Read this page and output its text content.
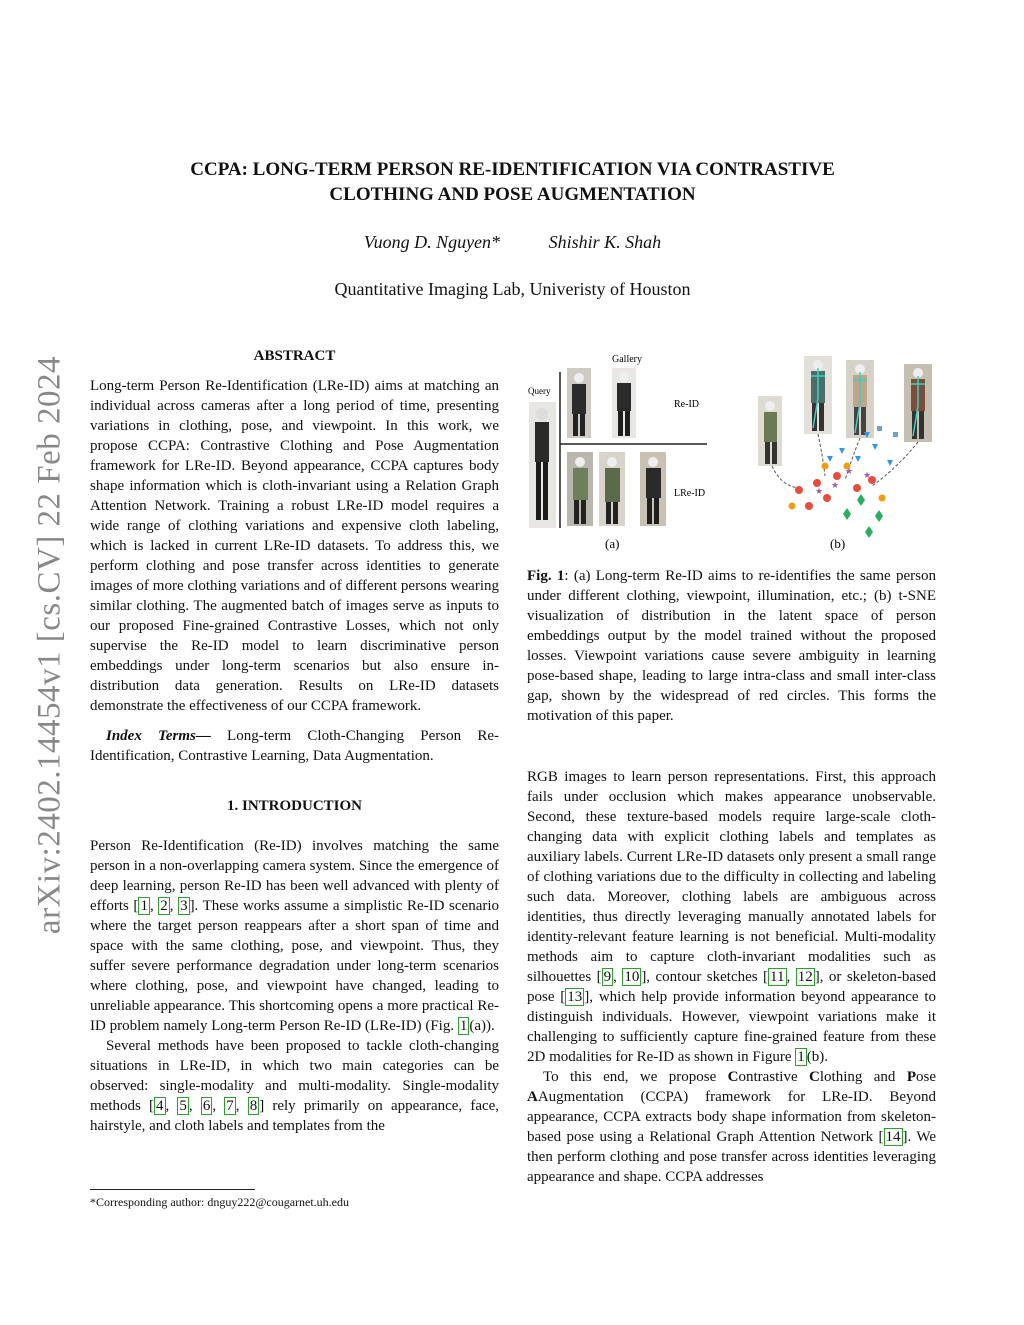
arXiv:2402.14454v1 [cs.CV] 22 Feb 2024
CCPA: LONG-TERM PERSON RE-IDENTIFICATION VIA CONTRASTIVE
CLOTHING AND POSE AUGMENTATION
Vuong D. Nguyen*	Shishir K. Shah
Quantitative Imaging Lab, Univeristy of Houston
ABSTRACT

Long-term Person Re-Identification (LRe-ID) aims at matching an individual across cameras after a long period of time, presenting variations in clothing, pose, and viewpoint. In this work, we propose CCPA: Contrastive Clothing and Pose Augmentation framework for LRe-ID. Beyond appearance, CCPA captures body shape information which is cloth-invariant using a Relation Graph Attention Network. Training a robust LRe-ID model requires a wide range of clothing variations and expensive cloth labeling, which is lacked in current LRe-ID datasets. To address this, we perform clothing and pose transfer across identities to generate images of more clothing variations and of different persons wearing similar clothing. The augmented batch of images serve as inputs to our proposed Fine-grained Contrastive Losses, which not only supervise the Re-ID model to learn discriminative person embeddings under long-term scenarios but also ensure in-distribution data generation. Results on LRe-ID datasets demonstrate the effectiveness of our CCPA framework.

Index Terms— Long-term Cloth-Changing Person Re-Identification, Contrastive Learning, Data Augmentation.

1. INTRODUCTION

Person Re-Identification (Re-ID) involves matching the same person in a non-overlapping camera system. Since the emergence of deep learning, person Re-ID has been well advanced with plenty of efforts [ 1 , 2 , 3 ]. These works assume a simplistic Re-ID scenario where the target person reappears after a short span of time and space with the same clothing, pose, and viewpoint. Thus, they suffer severe performance degradation under long-term scenarios where clothing, pose, and viewpoint have changed, leading to unreliable appearance. This shortcoming opens a more practical Re-ID problem namely Long-term Person Re-ID (LRe-ID) (Fig. 1 (a)).

Several methods have been proposed to tackle cloth-changing situations in LRe-ID, in which two main categories can be observed: single-modality and multi-modality. Single-modality methods [ 4 , 5 , 6 , 7 , 8 ] rely primarily on appearance, face, hairstyle, and cloth labels and templates from the

*Corresponding author: dnguy222@cougarnet.uh.edu
Gallery
Query
Re-ID
LRe-ID
(a)
★
★
★
★
(b)
Fig. 1: (a) Long-term Re-ID aims to re-identifies the same person under different clothing, viewpoint, illumination, etc.; (b) t-SNE visualization of distribution in the latent space of person embeddings output by the model trained without the proposed losses. Viewpoint variations cause severe ambiguity in learning pose-based shape, leading to large intra-class and small inter-class gap, shown by the widespread of red circles. This forms the motivation of this paper.

RGB images to learn person representations. First, this approach fails under occlusion which makes appearance unobservable. Second, these texture-based models require large-scale cloth-changing data with explicit clothing labels and templates as auxiliary labels. Current LRe-ID datasets only present a small range of clothing variations due to the difficulty in collecting and labeling such data. Moreover, clothing labels are ambiguous across identities, thus directly leveraging manually annotated labels for identity-relevant feature learning is not beneficial. Multi-modality methods aim to capture cloth-invariant modalities such as silhouettes [ 9 , 10 ], contour sketches [ 11 , 12 ], or skeleton-based pose [ 13 ], which help provide information beyond appearance to distinguish individuals. However, viewpoint variations make it challenging to sufficiently capture fine-grained feature from these 2D modalities for Re-ID as shown in Figure 1 (b).

To this end, we propose Contrastive Clothing and Pose AAugmentation (CCPA) framework for LRe-ID. Beyond appearance, CCPA extracts body shape information from skeleton-based pose using a Relational Graph Attention Network [ 14 ]. We then perform clothing and pose transfer across identities leveraging appearance and shape. CCPA addresses
